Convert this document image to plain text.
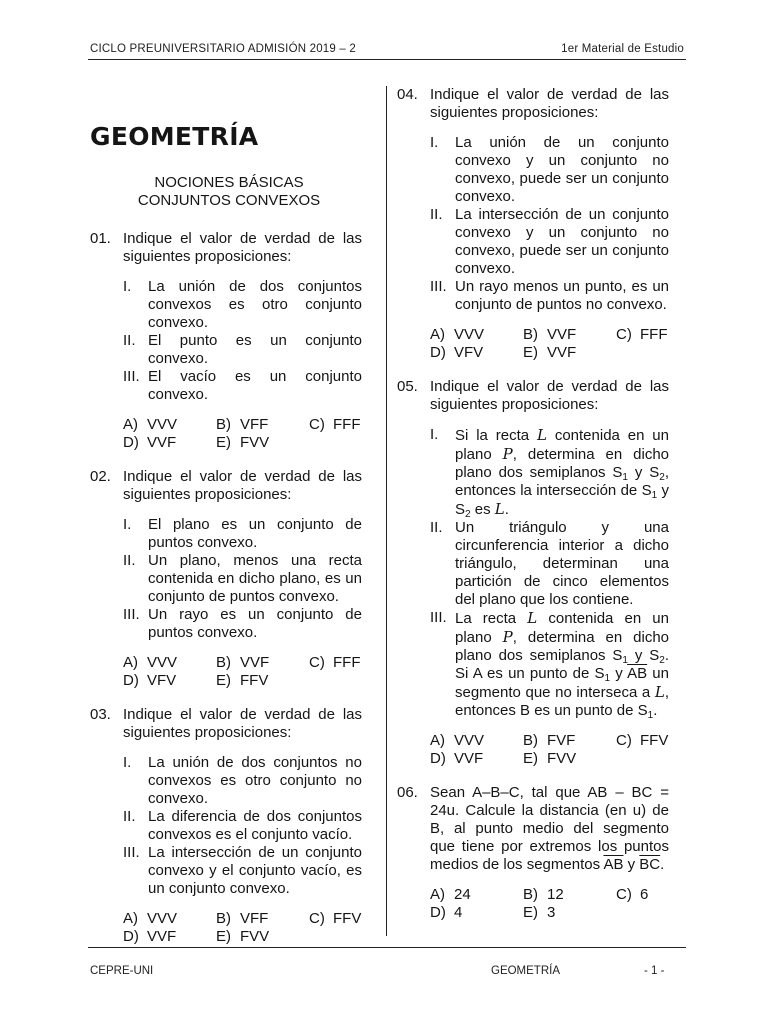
CICLO PREUNIVERSITARIO ADMISIÓN 2019 – 2	1er Material de Estudio
GEOMETRÍA
NOCIONES BÁSICAS
CONJUNTOS CONVEXOS
01. Indique el valor de verdad de las siguientes proposiciones:
I.	La unión de dos conjuntos convexos es otro conjunto convexo.
II. El punto es un conjunto convexo.
III. El vacío es un conjunto convexo.
A) VVV	B) VFF	C) FFF
D) VVF	E) FVV
02. Indique el valor de verdad de las siguientes proposiciones:
I.	El plano es un conjunto de puntos convexo.
II. Un plano, menos una recta contenida en dicho plano, es un conjunto de puntos convexo.
III. Un rayo es un conjunto de puntos convexo.
A) VVV	B) VVF	C) FFF
D) VFV	E) FFV
03. Indique el valor de verdad de las siguientes proposiciones:
I.	La unión de dos conjuntos no convexos es otro conjunto no convexo.
II. La diferencia de dos conjuntos convexos es el conjunto vacío.
III. La intersección de un conjunto convexo y el conjunto vacío, es un conjunto convexo.
A) VVV	B) VFF	C) FFV
D) VVF	E) FVV
04. Indique el valor de verdad de las siguientes proposiciones:
I.	La unión de un conjunto convexo y un conjunto no convexo, puede ser un conjunto convexo.
II. La intersección de un conjunto convexo y un conjunto no convexo, puede ser un conjunto convexo.
III. Un rayo menos un punto, es un conjunto de puntos no convexo.
A) VVV	B) VVF	C) FFF
D) VFV	E) VVF
05. Indique el valor de verdad de las siguientes proposiciones:
I.	Si la recta L contenida en un plano P, determina en dicho plano dos semiplanos $S_1$ y $S_2$, entonces la intersección de $S_1$ y $S_2$ es L.
II. Un triángulo y una circunferencia interior a dicho triángulo, determinan una partición de cinco elementos del plano que los contiene.
III. La recta L contenida en un plano P, determina en dicho plano dos semiplanos $S_1$ y $S_2$. Si A es un punto de $S_1$ y $\overline{AB}$ un segmento que no interseca a L, entonces B es un punto de $S_1$.
A) VVV	B) FVF	C) FFV
D) VVF	E) FVV
06. Sean A–B–C, tal que AB – BC = 24u. Calcule la distancia (en u) de B, al punto medio del segmento que tiene por extremos los puntos medios de los segmentos $\overline{AB}$ y $\overline{BC}$.
A) 24	B) 12	C) 6
D) 4	E) 3
CEPRE-UNI	GEOMETRÍA	- 1 -
